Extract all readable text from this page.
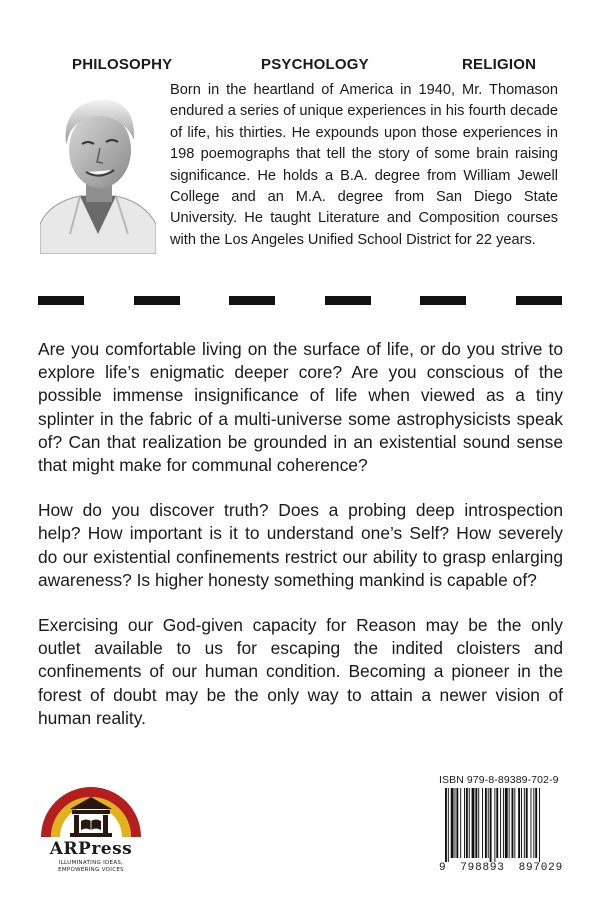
PHILOSOPHY	PSYCHOLOGY	RELIGION
Born in the heartland of America in 1940, Mr. Thomason endured a series of unique experiences in his fourth decade of life, his thirties. He expounds upon those experiences in 198 poemographs that tell the story of some brain raising significance. He holds a B.A. degree from William Jewell College and an M.A. degree from San Diego State University. He taught Literature and Composition courses with the Los Angeles Unified School District for 22 years.

Are you comfortable living on the surface of life, or do you strive to explore life’s enigmatic deeper core? Are you conscious of the possible immense insignificance of life when viewed as a tiny splinter in the fabric of a multi-universe some astrophysicists speak of? Can that realization be grounded in an existential sound sense that might make for communal coherence?

How do you discover truth? Does a probing deep introspection help? How important is it to understand one’s Self? How severely do our existential confinements restrict our ability to grasp enlarging awareness? Is higher honesty something mankind is capable of?

Exercising our God-given capacity for Reason may be the only outlet available to us for escaping the indited cloisters and confinements of our human condition. Becoming a pioneer in the forest of doubt may be the only way to attain a newer vision of human reality.

ARPress
ILLUMINATING IDEAS, EMPOWERING VOICES
ISBN 979-8-89389-702-9
9 798893 897029
